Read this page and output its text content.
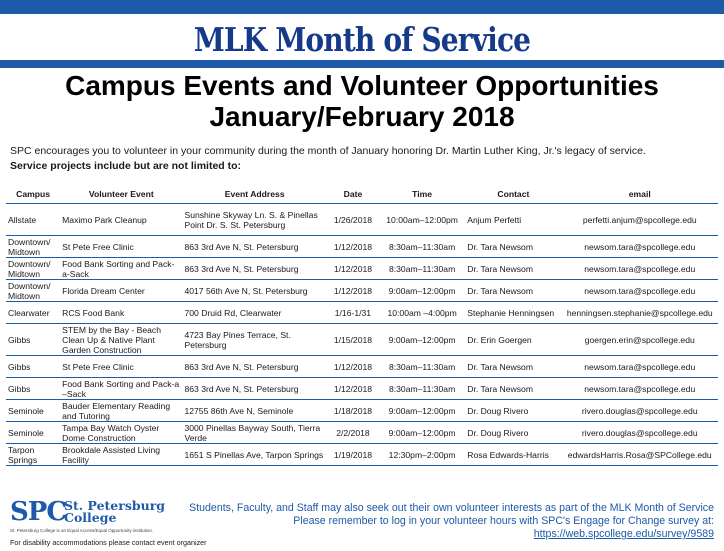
MLK Month of Service
Campus Events and Volunteer Opportunities
January/February 2018
SPC encourages you to volunteer in your community during the month of January honoring Dr. Martin Luther King, Jr.'s legacy of service.
Service projects include but are not limited to:
Campus	Volunteer Event	Event Address	Date	Time	Contact	email
Allstate	Maximo Park Cleanup	Sunshine Skyway Ln. S. & Pinellas Point Dr. S. St. Petersburg	1/26/2018	10:00am–12:00pm	Anjum Perfetti	perfetti.anjum@spcollege.edu
Downtown/ Midtown	St Pete Free Clinic	863 3rd Ave N, St. Petersburg	1/12/2018	8:30am–11:30am	Dr. Tara Newsom	newsom.tara@spcollege.edu
Downtown/ Midtown	Food Bank Sorting and Pack-a-Sack	863 3rd Ave N, St. Petersburg	1/12/2018	8:30am–11:30am	Dr. Tara Newsom	newsom.tara@spcollege.edu
Downtown/ Midtown	Florida Dream Center	4017 56th Ave N, St. Petersburg	1/12/2018	9:00am–12:00pm	Dr. Tara Newsom	newsom.tara@spcollege.edu
Clearwater	RCS Food Bank	700 Druid Rd, Clearwater	1/16-1/31	10:00am –4:00pm	Stephanie Henningsen	henningsen.stephanie@spcollege.edu
Gibbs	STEM by the Bay - Beach Clean Up & Native Plant Garden Construction	4723 Bay Pines Terrace, St. Petersburg	1/15/2018	9:00am–12:00pm	Dr. Erin Goergen	goergen.erin@spcollege.edu
Gibbs	St Pete Free Clinic	863 3rd Ave N, St. Petersburg	1/12/2018	8:30am–11:30am	Dr. Tara Newsom	newsom.tara@spcollege.edu
Gibbs	Food Bank Sorting and Pack-a –Sack	863 3rd Ave N, St. Petersburg	1/12/2018	8:30am–11:30am	Dr. Tara Newsom	newsom.tara@spcollege.edu
Seminole	Bauder Elementary Reading and Tutoring	12755 86th Ave N, Seminole	1/18/2018	9:00am–12:00pm	Dr. Doug Rivero	rivero.douglas@spcollege.edu
Seminole	Tampa Bay Watch Oyster Dome Construction	3000 Pinellas Bayway South, Tierra Verde	2/2/2018	9:00am–12:00pm	Dr. Doug Rivero	rivero.douglas@spcollege.edu
Tarpon Springs	Brookdale Assisted Living Facility	1651 S Pinellas Ave, Tarpon Springs	1/19/2018	12:30pm–2:00pm	Rosa Edwards-Harris	edwardsHarris.Rosa@SPCollege.edu
SPC
St. Petersburg
College
St. Petersburg College is an Equal Access/Equal Opportunity institution.
For disability accommodations please contact event organizer
Students, Faculty, and Staff may also seek out their own volunteer interests as part of the MLK Month of Service
Please remember to log in your volunteer hours with SPC's Engage for Change survey at:
https://web.spcollege.edu/survey/9589
